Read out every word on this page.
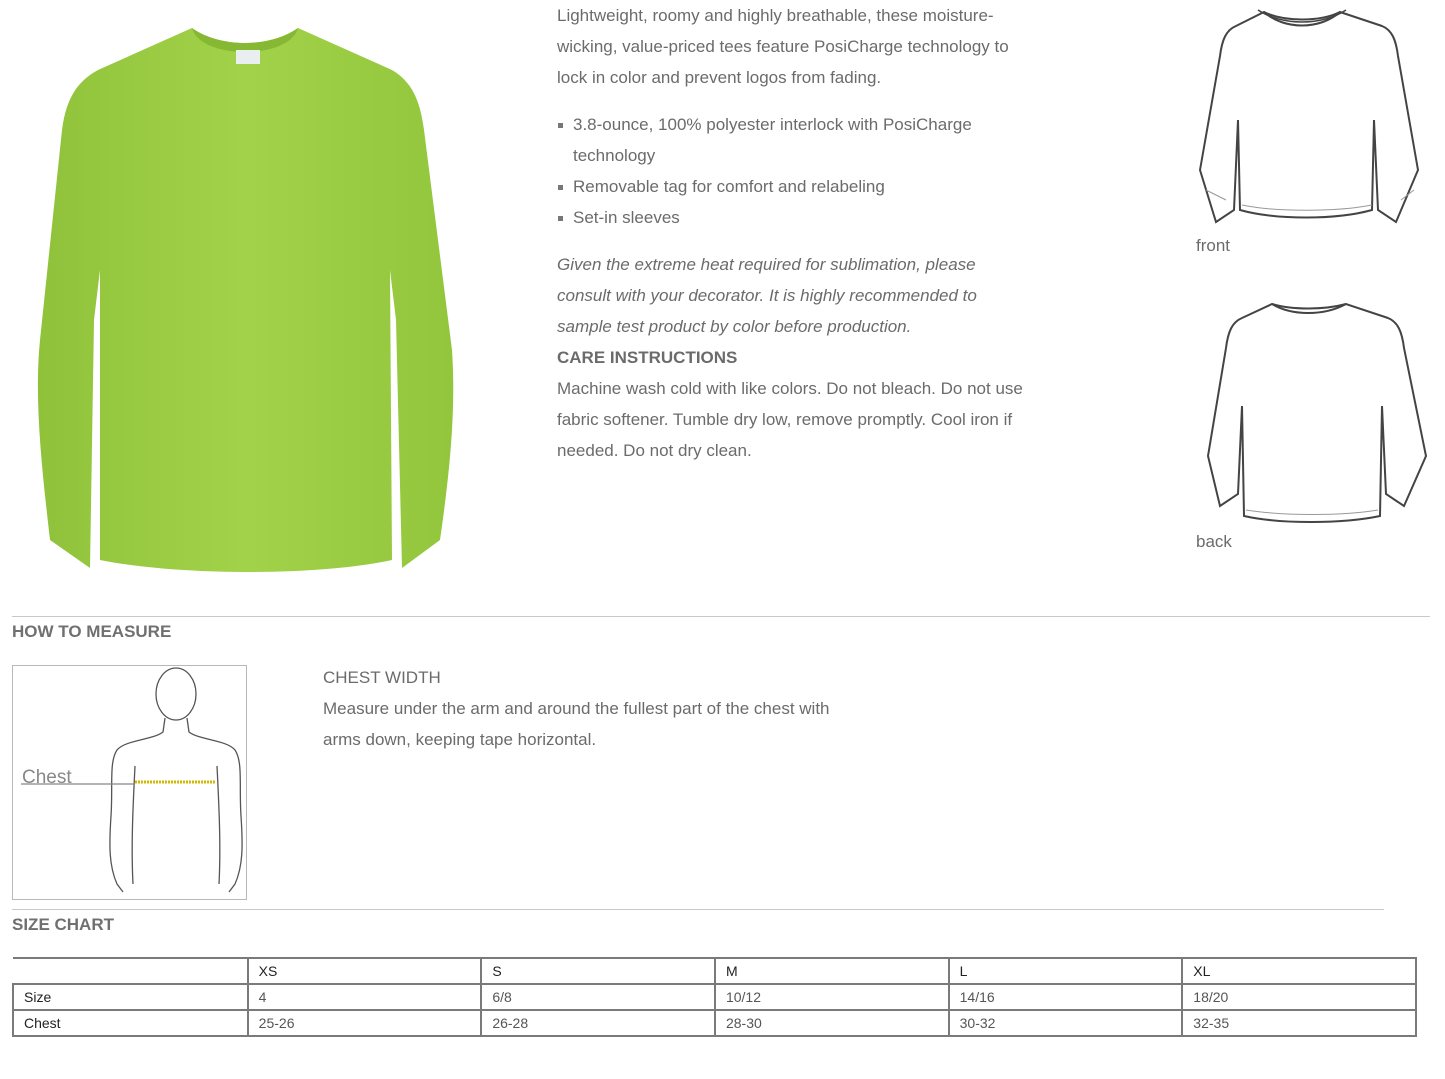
Lightweight, roomy and highly breathable, these moisture-wicking, value-priced tees feature PosiCharge technology to lock in color and prevent logos from fading.

3.8-ounce, 100% polyester interlock with PosiCharge technology
Removable tag for comfort and relabeling
Set-in sleeves

Given the extreme heat required for sublimation, please consult with your decorator. It is highly recommended to sample test product by color before production.

CARE INSTRUCTIONS

Machine wash cold with like colors. Do not bleach. Do not use fabric softener. Tumble dry low, remove promptly. Cool iron if needed. Do not dry clean.

front
back
HOW TO MEASURE
Chest

CHEST WIDTH

Measure under the arm and around the fullest part of the chest with arms down, keeping tape horizontal.

SIZE CHART
	XS	S	M	L	XL
Size	4	6/8	10/12	14/16	18/20
Chest	25-26	26-28	28-30	30-32	32-35
